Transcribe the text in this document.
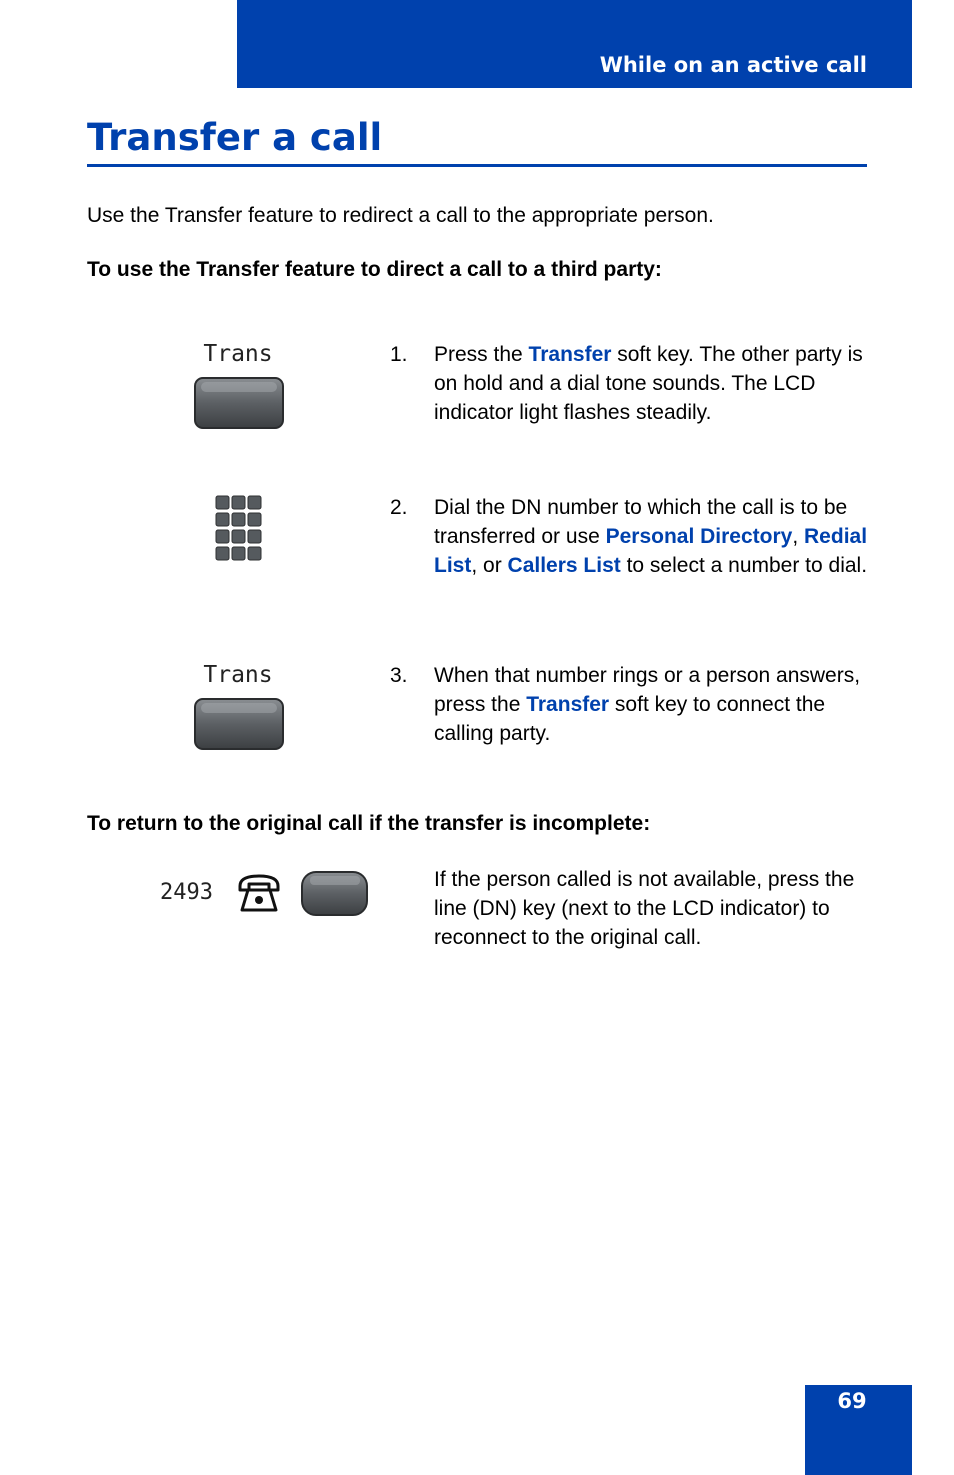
While on an active call
Transfer a call

Use the Transfer feature to redirect a call to the appropriate person.

To use the Transfer feature to direct a call to a third party:

Trans	1. Press the Transfer soft key. The other party is on hold and a dial tone sounds. The LCD indicator light flashes steadily.
2. Dial the DN number to which the call is to be transferred or use Personal Directory, Redial List, or Callers List to select a number to dial.
Trans	3. When that number rings or a person answers, press the Transfer soft key to connect the calling party.

To return to the original call if the transfer is incomplete:

2493
If the person called is not available, press the line (DN) key (next to the LCD indicator) to reconnect to the original call.
69
